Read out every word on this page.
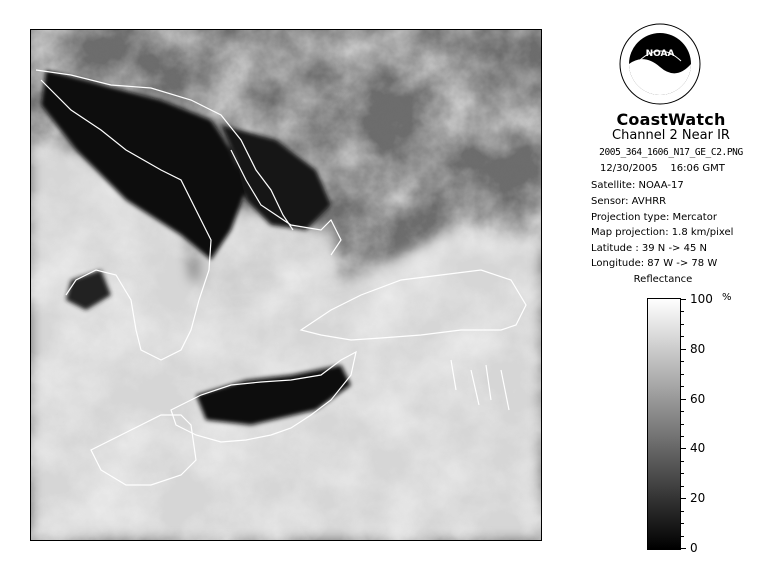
NOAA
CoastWatch
Channel 2 Near IR
2005_364_1606_N17_GE_C2.PNG
12/30/2005 16:06 GMT
Satellite: NOAA-17
Sensor: AVHRR
Projection type: Mercator
Map projection: 1.8 km/pixel
Latitude : 39 N -> 45 N
Longitude: 87 W -> 78 W
Reflectance
%
0
20
40
60
80
100
